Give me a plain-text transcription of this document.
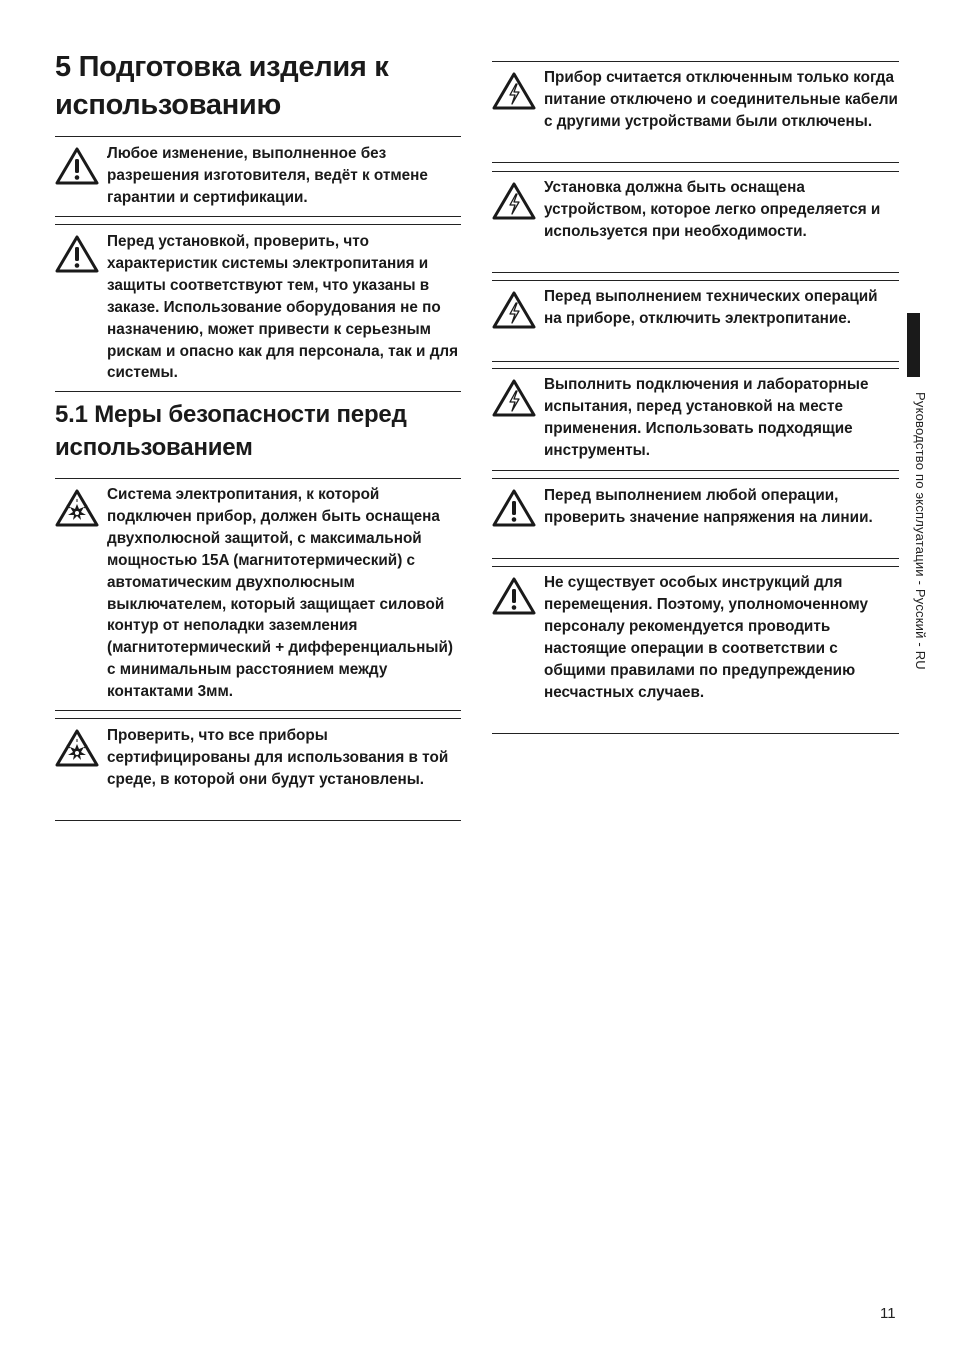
5 Подготовка изделия к использованию
5.1 Меры безопасности перед использованием

Любое изменение, выполненное без разрешения изготовителя, ведёт к отмене гарантии и сертификации.

Перед установкой, проверить, что характеристик системы электропитания и защиты соответствуют тем, что указаны в заказе. Использование оборудования не по назначению, может привести к серьезным рискам и опасно как для персонала, так и для системы.

Система электропитания, к которой подключен прибор, должен быть оснащена двухполюсной защитой, с максимальной мощностью 15A (магнитотермический) с автоматическим двухполюсным выключателем, который защищает силовой контур от неполадки заземления (магнитотермический + дифференциальный) с минимальным расстоянием между контактами 3мм.

Проверить, что все приборы сертифицированы для использования в той среде, в которой они будут установлены.

Прибор считается отключенным только когда питание отключено и соединительные кабели с другими устройствами были отключены.

Установка должна быть оснащена устройством, которое легко определяется и используется при необходимости.

Перед выполнением технических операций на приборе, отключить электропитание.

Выполнить подключения и лабораторные испытания, перед установкой на месте применения. Использовать подходящие инструменты.

Перед выполнением любой операции, проверить значение напряжения на линии.

Не существует особых инструкций для перемещения. Поэтому, уполномоченному персоналу рекомендуется проводить настоящие операции в соответствии с общими правилами по предупреждению несчастных случаев.

Руководство по эксплуатации - Русский - RU
11
